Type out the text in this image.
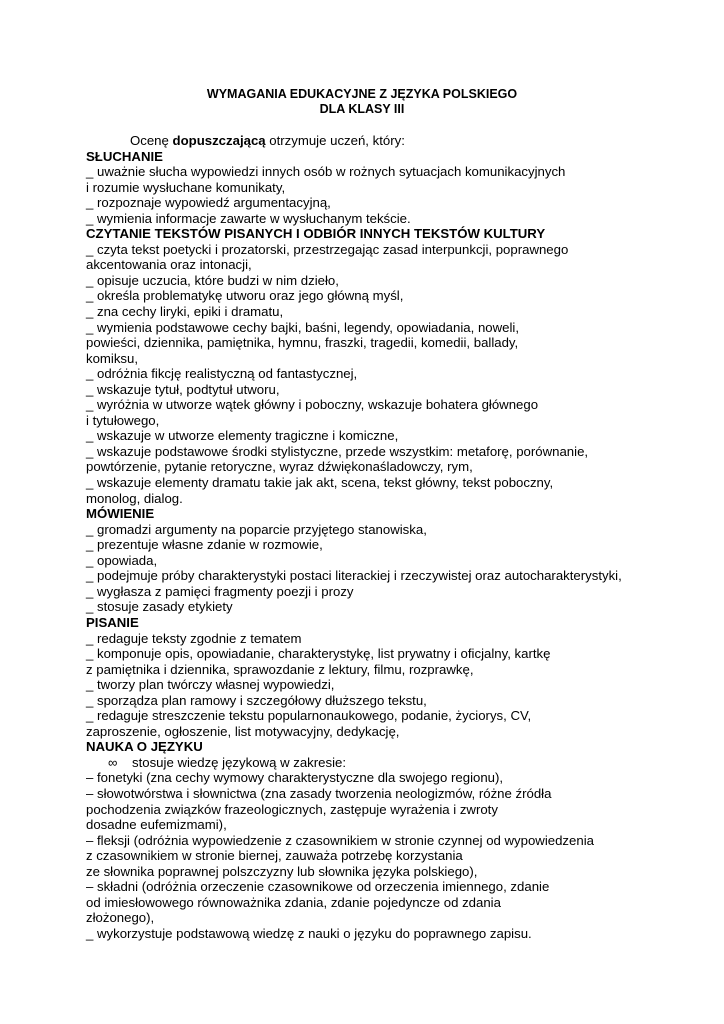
WYMAGANIA EDUKACYJNE Z JĘZYKA POLSKIEGO
DLA KLASY III
Ocenę dopuszczającą otrzymuje uczeń, który:
SŁUCHANIE
_ uważnie słucha wypowiedzi innych osób w rożnych sytuacjach komunikacyjnych
i rozumie wysłuchane komunikaty,
_ rozpoznaje wypowiedź argumentacyjną,
_ wymienia informacje zawarte w wysłuchanym tekście.
CZYTANIE TEKSTÓW PISANYCH I ODBIÓR INNYCH TEKSTÓW KULTURY
_ czyta tekst poetycki i prozatorski, przestrzegając zasad interpunkcji, poprawnego
akcentowania oraz intonacji,
_ opisuje uczucia, które budzi w nim dzieło,
_ określa problematykę utworu oraz jego główną myśl,
_ zna cechy liryki, epiki i dramatu,
_ wymienia podstawowe cechy bajki, baśni, legendy, opowiadania, noweli,
powieści, dziennika, pamiętnika, hymnu, fraszki, tragedii, komedii, ballady,
komiksu,
_ odróżnia fikcję realistyczną od fantastycznej,
_ wskazuje tytuł, podtytuł utworu,
_ wyróżnia w utworze wątek główny i poboczny, wskazuje bohatera głównego
i tytułowego,
_ wskazuje w utworze elementy tragiczne i komiczne,
_ wskazuje podstawowe środki stylistyczne, przede wszystkim: metaforę, porównanie,
powtórzenie, pytanie retoryczne, wyraz dźwiękonaśladowczy, rym,
_ wskazuje elementy dramatu takie jak akt, scena, tekst główny, tekst poboczny,
monolog, dialog.
MÓWIENIE
_ gromadzi argumenty na poparcie przyjętego stanowiska,
_ prezentuje własne zdanie w rozmowie,
_ opowiada,
_ podejmuje próby charakterystyki postaci literackiej i rzeczywistej oraz autocharakterystyki,
_ wygłasza z pamięci fragmenty poezji i prozy
_ stosuje zasady etykiety
PISANIE
_ redaguje teksty zgodnie z tematem
_ komponuje opis, opowiadanie, charakterystykę, list prywatny i oficjalny, kartkę
z pamiętnika i dziennika, sprawozdanie z lektury, filmu, rozprawkę,
_ tworzy plan twórczy własnej wypowiedzi,
_ sporządza plan ramowy i szczegółowy dłuższego tekstu,
_ redaguje streszczenie tekstu popularnonaukowego, podanie, życiorys, CV,
zaproszenie, ogłoszenie, list motywacyjny, dedykację,
NAUKA O JĘZYKU
∞ stosuje wiedzę językową w zakresie:
– fonetyki (zna cechy wymowy charakterystyczne dla swojego regionu),
– słowotwórstwa i słownictwa (zna zasady tworzenia neologizmów, różne źródła
pochodzenia związków frazeologicznych, zastępuje wyrażenia i zwroty
dosadne eufemizmami),
– fleksji (odróżnia wypowiedzenie z czasownikiem w stronie czynnej od wypowiedzenia
z czasownikiem w stronie biernej, zauważa potrzebę korzystania
ze słownika poprawnej polszczyzny lub słownika języka polskiego),
– składni (odróżnia orzeczenie czasownikowe od orzeczenia imiennego, zdanie
od imiesłowowego równoważnika zdania, zdanie pojedyncze od zdania
złożonego),
_ wykorzystuje podstawową wiedzę z nauki o języku do poprawnego zapisu.
